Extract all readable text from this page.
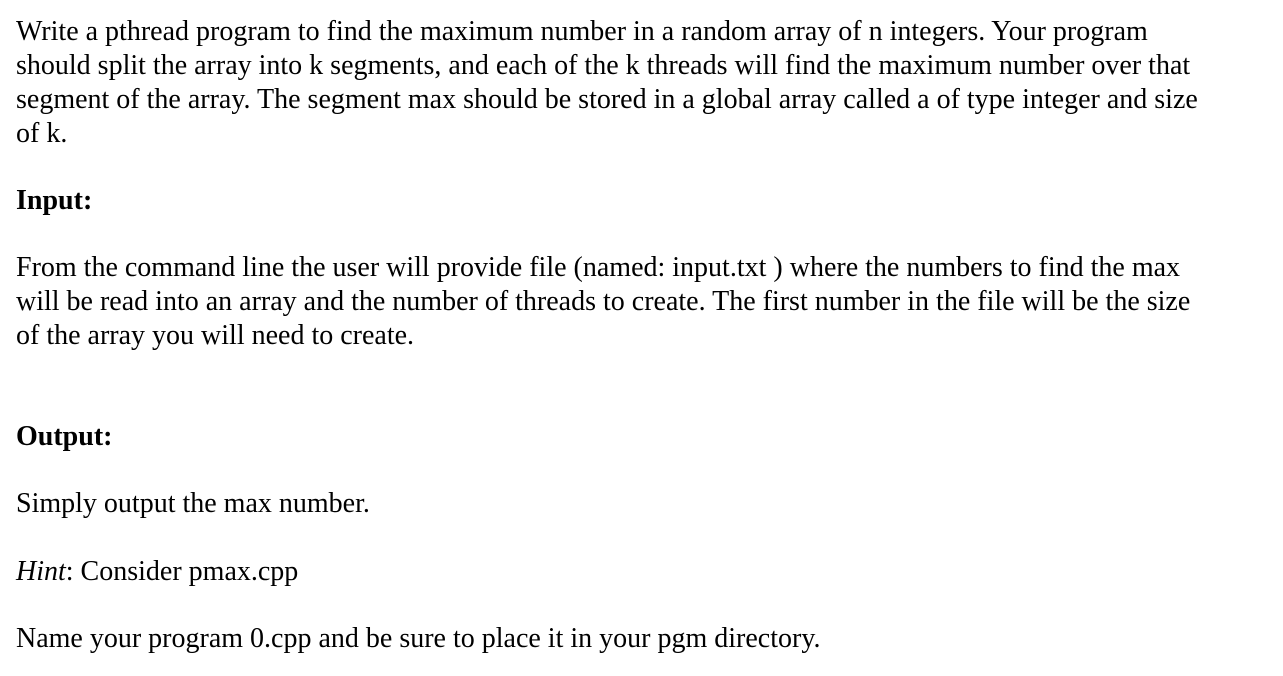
Write a pthread program to find the maximum number in a random array of n integers. Your program
should split the array into k segments, and each of the k threads will find the maximum number over that
segment of the array. The segment max should be stored in a global array called a of type integer and size
of k.
Input:
From the command line the user will provide file (named: input.txt ) where the numbers to find the max
will be read into an array and the number of threads to create. The first number in the file will be the size
of the array you will need to create.
Output:
Simply output the max number.
Hint: Consider pmax.cpp
Name your program 0.cpp and be sure to place it in your pgm directory.
